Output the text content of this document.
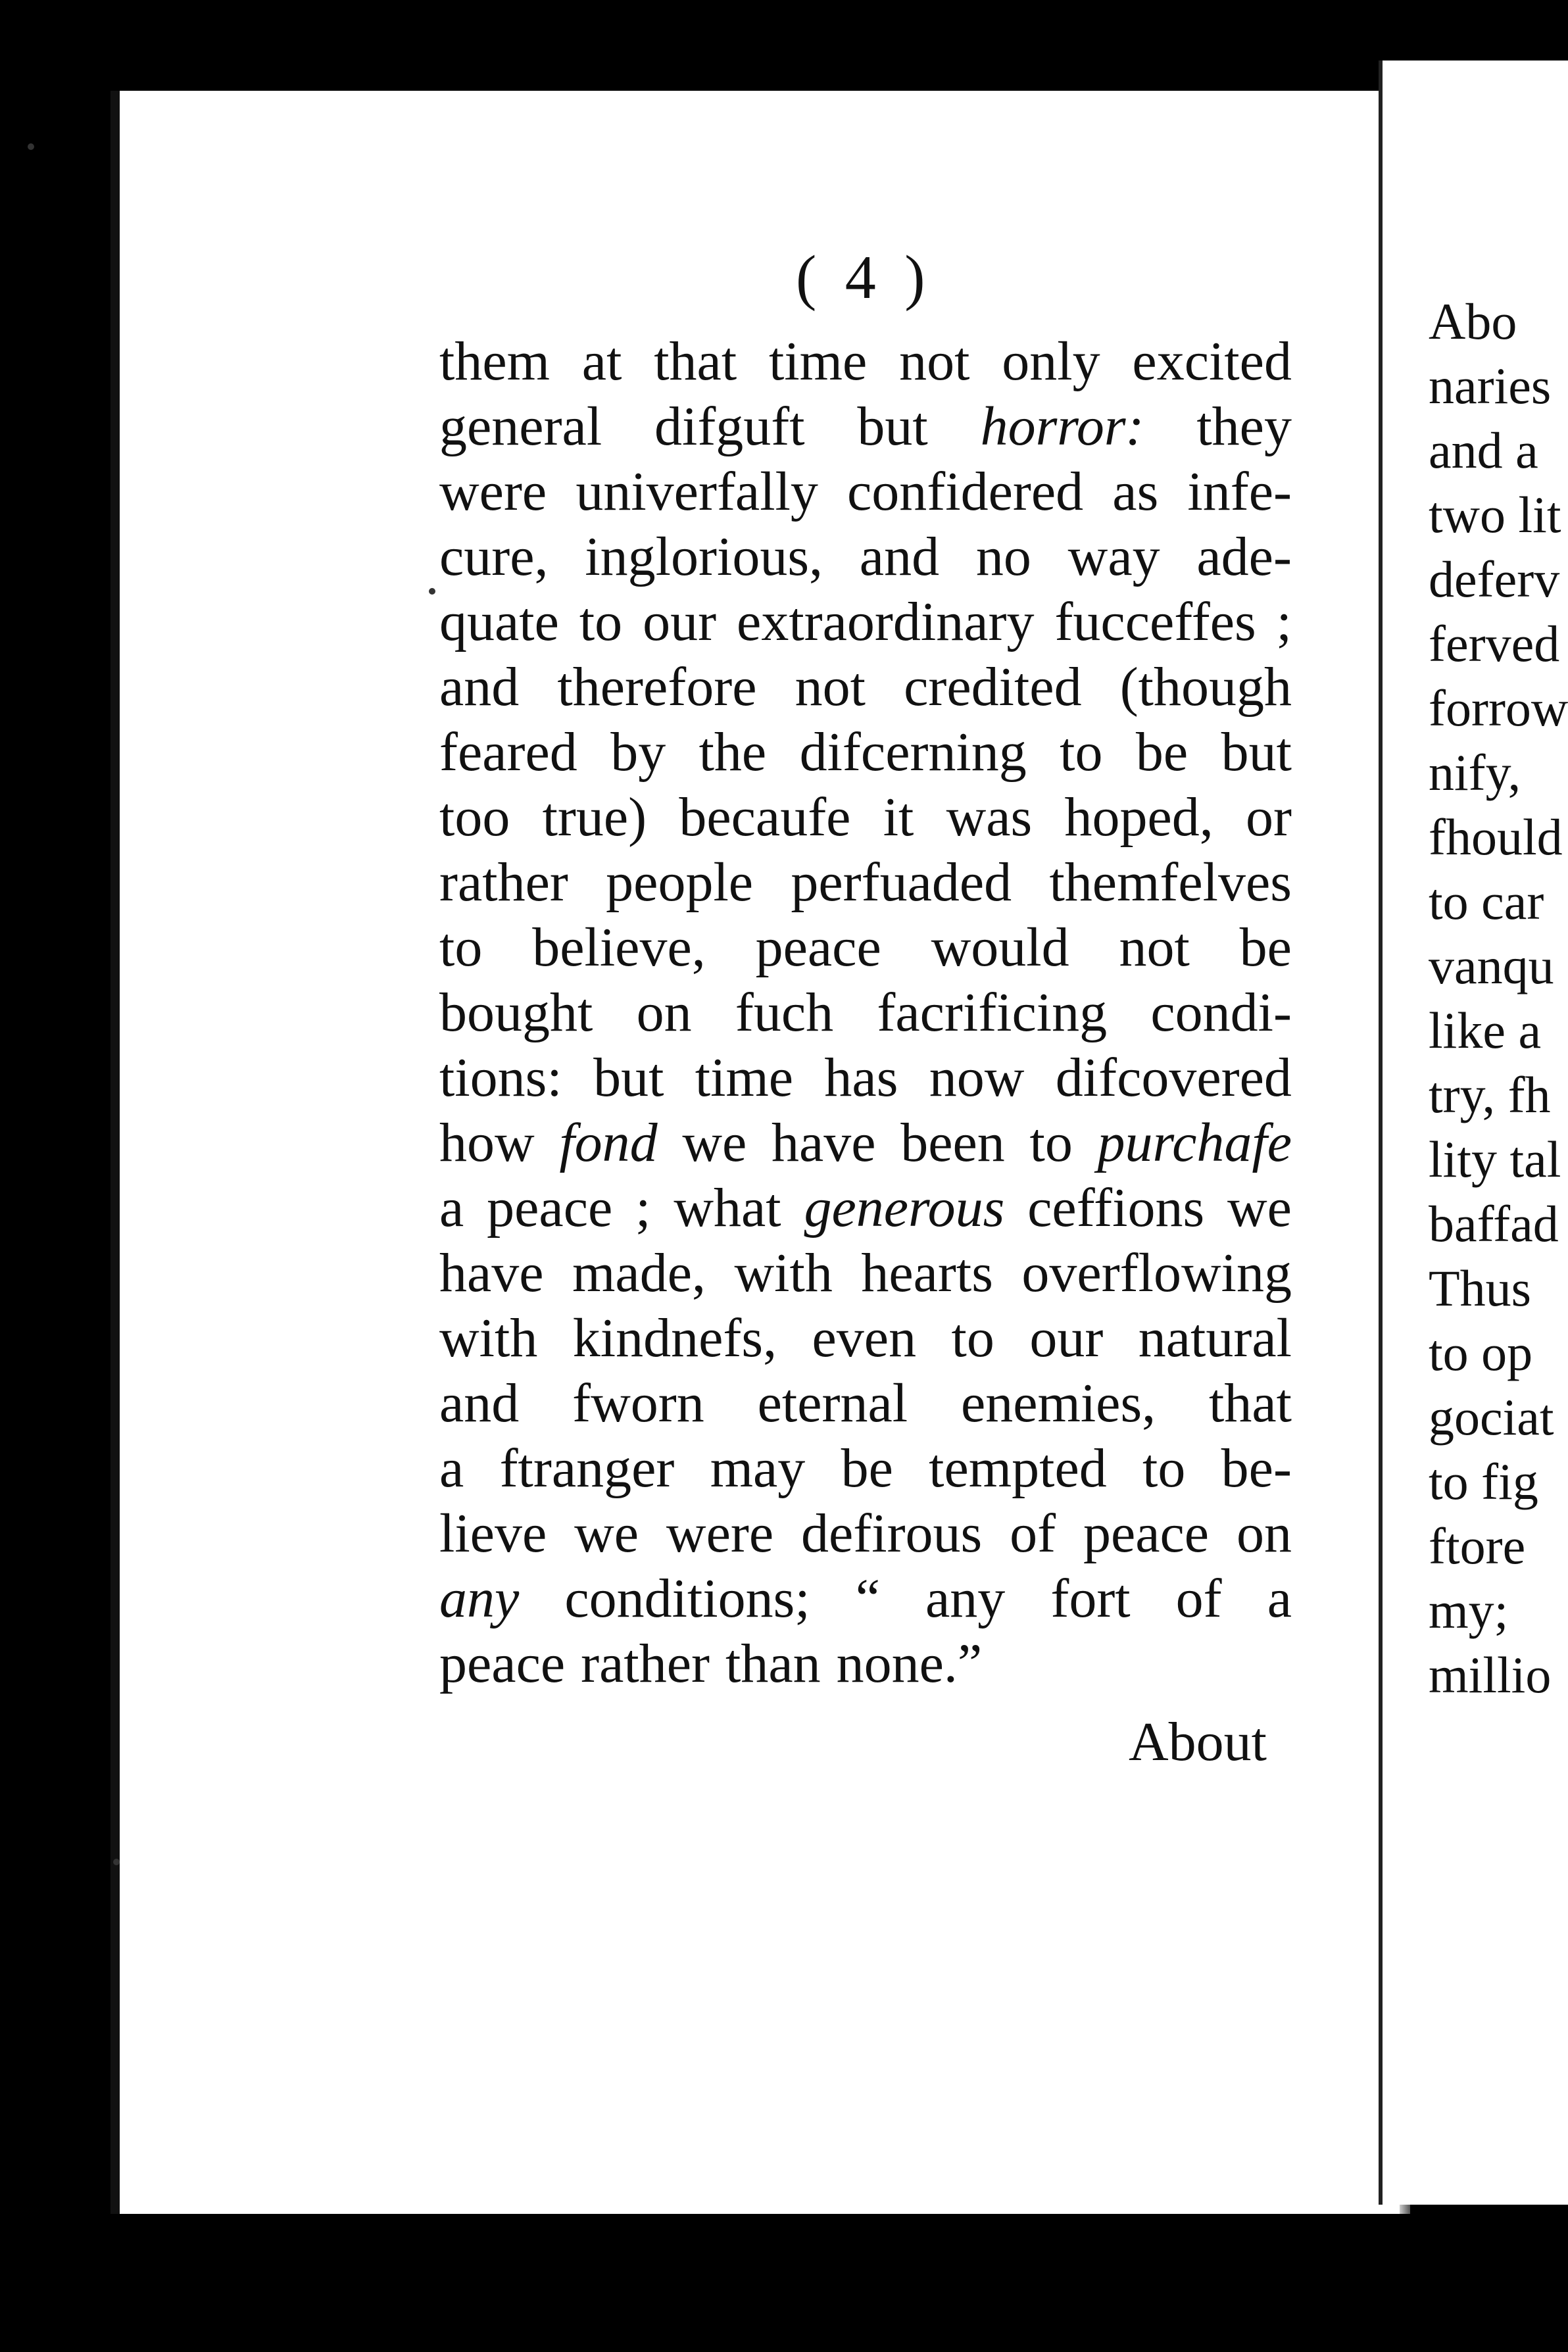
( 4 )
them at that time not only excited
general difguft but horror: they
were univerfally confidered as infe-
cure, inglorious, and no way ade-
quate to our extraordinary fucceffes ;
and therefore not credited (though
feared by the difcerning to be but
too true) becaufe it was hoped, or
rather people perfuaded themfelves
to believe, peace would not be
bought on fuch facrificing condi-
tions: but time has now difcovered
how fond we have been to purchafe
a peace ; what generous ceffions we
have made, with hearts overflowing
with kindnefs, even to our natural
and fworn eternal enemies, that
a ftranger may be tempted to be-
lieve we were defirous of peace on
any conditions; “ any fort of a
peace rather than none.”
About
Abo
naries
and a
two lit
deferv
ferved
forrow
nify,
fhould
to car
vanqu
like a
try, fh
lity tal
baffad
Thus
to op
gociat
to fig
ftore
my;
millio
